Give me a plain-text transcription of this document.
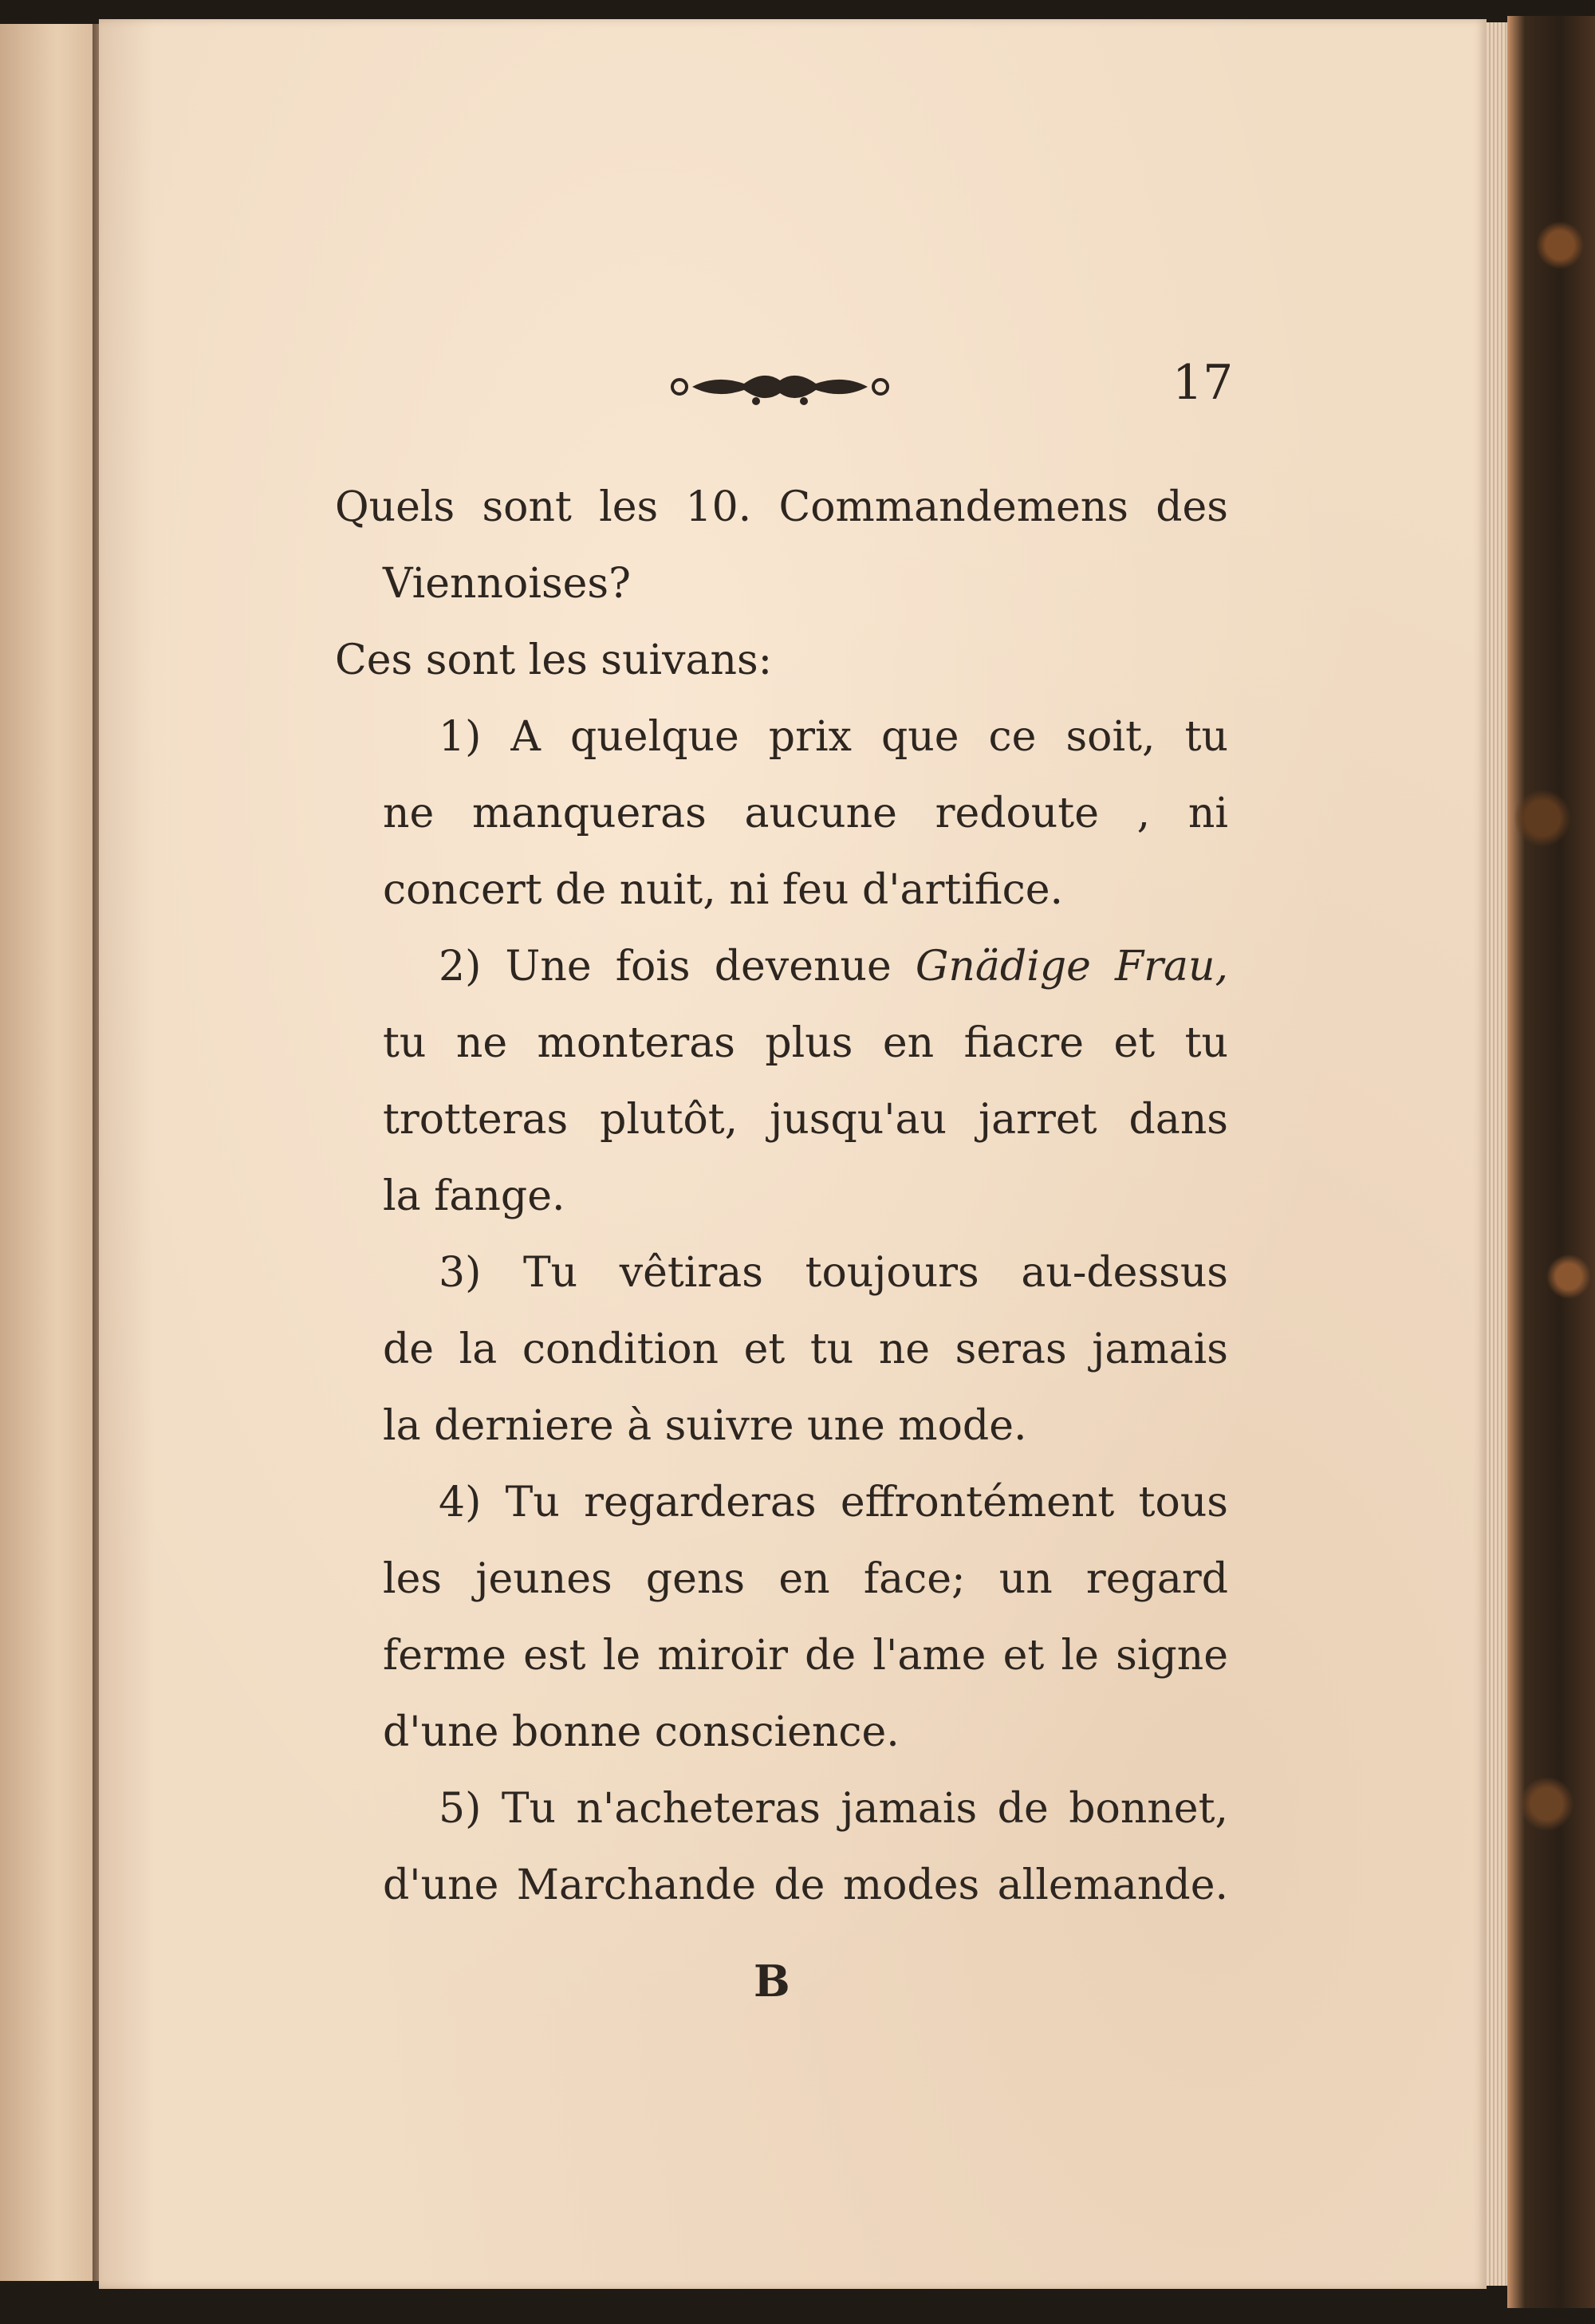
17
Quels sont les 10. Commandemens des
Viennoises?
Ces sont les suivans:
1) A quelque prix que ce soit, tu
ne manqueras aucune redoute , ni
concert de nuit, ni feu d'artifice.
2) Une fois devenue Gnädige Frau,
tu ne monteras plus en fiacre et tu
trotteras plutôt, jusqu'au jarret dans
la fange.
3) Tu vêtiras toujours au-dessus
de la condition et tu ne seras jamais
la derniere à suivre une mode.
4) Tu regarderas effrontément tous
les jeunes gens en face; un regard
ferme est le miroir de l'ame et le signe
d'une bonne conscience.
5) Tu n'acheteras jamais de bonnet,
d'une Marchande de modes allemande.
B
